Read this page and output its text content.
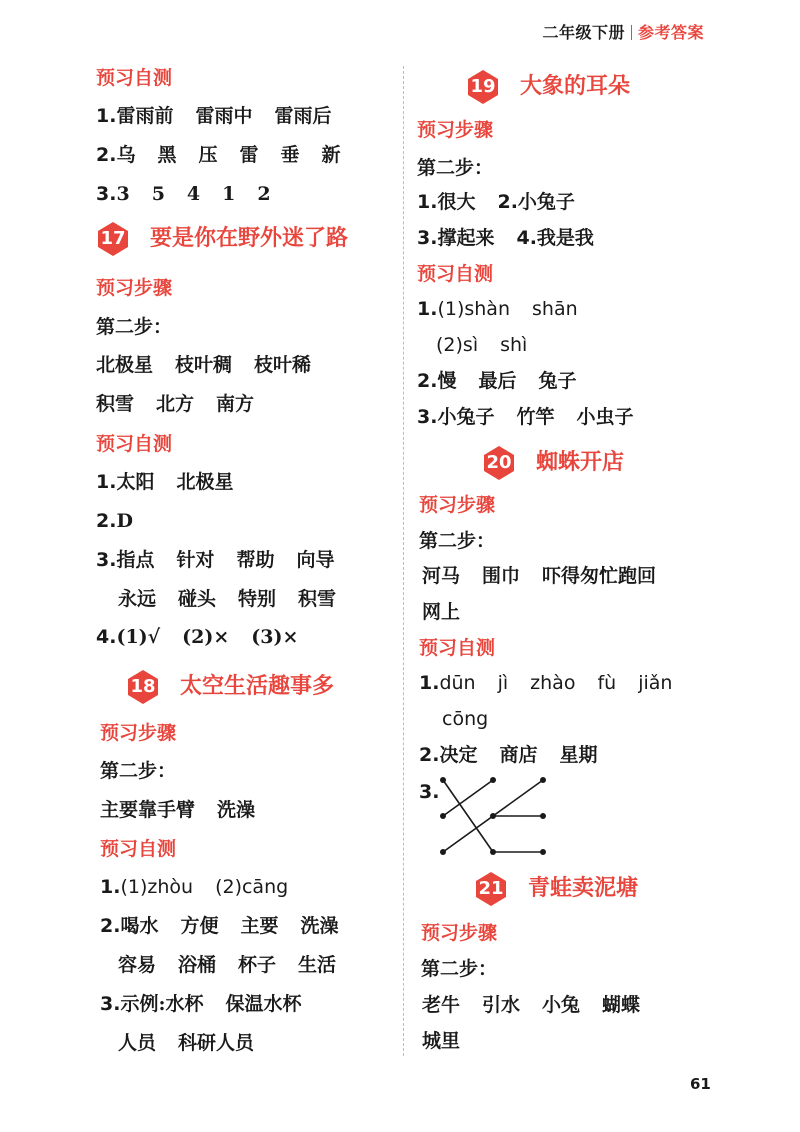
二年级下册 参考答案
预习自测
1.雷雨前 雷雨中 雷雨后
2.乌 黑 压 雷 垂 新
3.3 5 4 1 2
17 要是你在野外迷了路
预习步骤
第二步：
北极星 枝叶稠 枝叶稀
积雪 北方 南方
预习自测
1.太阳 北极星
2.D
3.指点 针对 帮助 向导
永远 碰头 特别 积雪
4.(1)√ (2)× (3)×
18 太空生活趣事多
预习步骤
第二步：
主要靠手臂 洗澡
预习自测
1.(1)zhòu (2)cāng
2.喝水 方便 主要 洗澡
容易 浴桶 杯子 生活
3.示例:水杯 保温水杯
人员 科研人员
19 大象的耳朵
预习步骤
第二步：
1.很大 2.小兔子
3.撑起来 4.我是我
预习自测
1.(1)shàn shān
(2)sì shì
2.慢 最后 兔子
3.小兔子 竹竿 小虫子
20 蜘蛛开店
预习步骤
第二步：
河马 围巾 吓得匆忙跑回
网上
预习自测
1.dūn jì zhào fù jiǎn
cōng
2.决定 商店 星期
3.
21 青蛙卖泥塘
预习步骤
第二步：
老牛 引水 小兔 蝴蝶
城里
61
